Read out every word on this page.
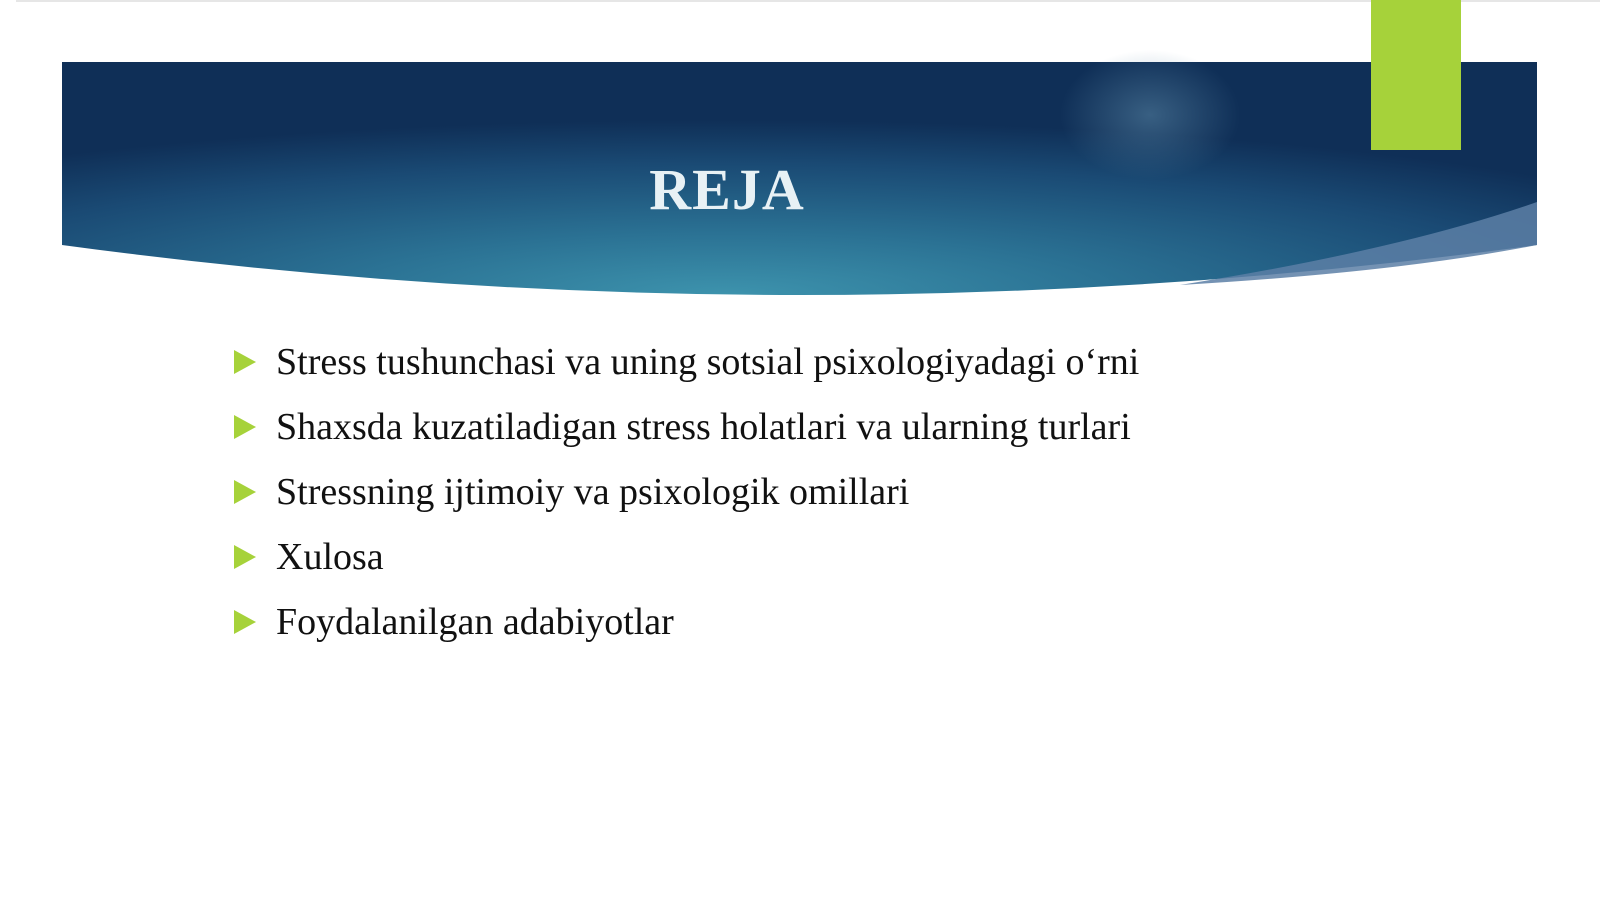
REJA
Stress tushunchasi va uning sotsial psixologiyadagi o‘rni
Shaxsda kuzatiladigan stress holatlari va ularning turlari
Stressning ijtimoiy va psixologik omillari
Xulosa
Foydalanilgan adabiyotlar
